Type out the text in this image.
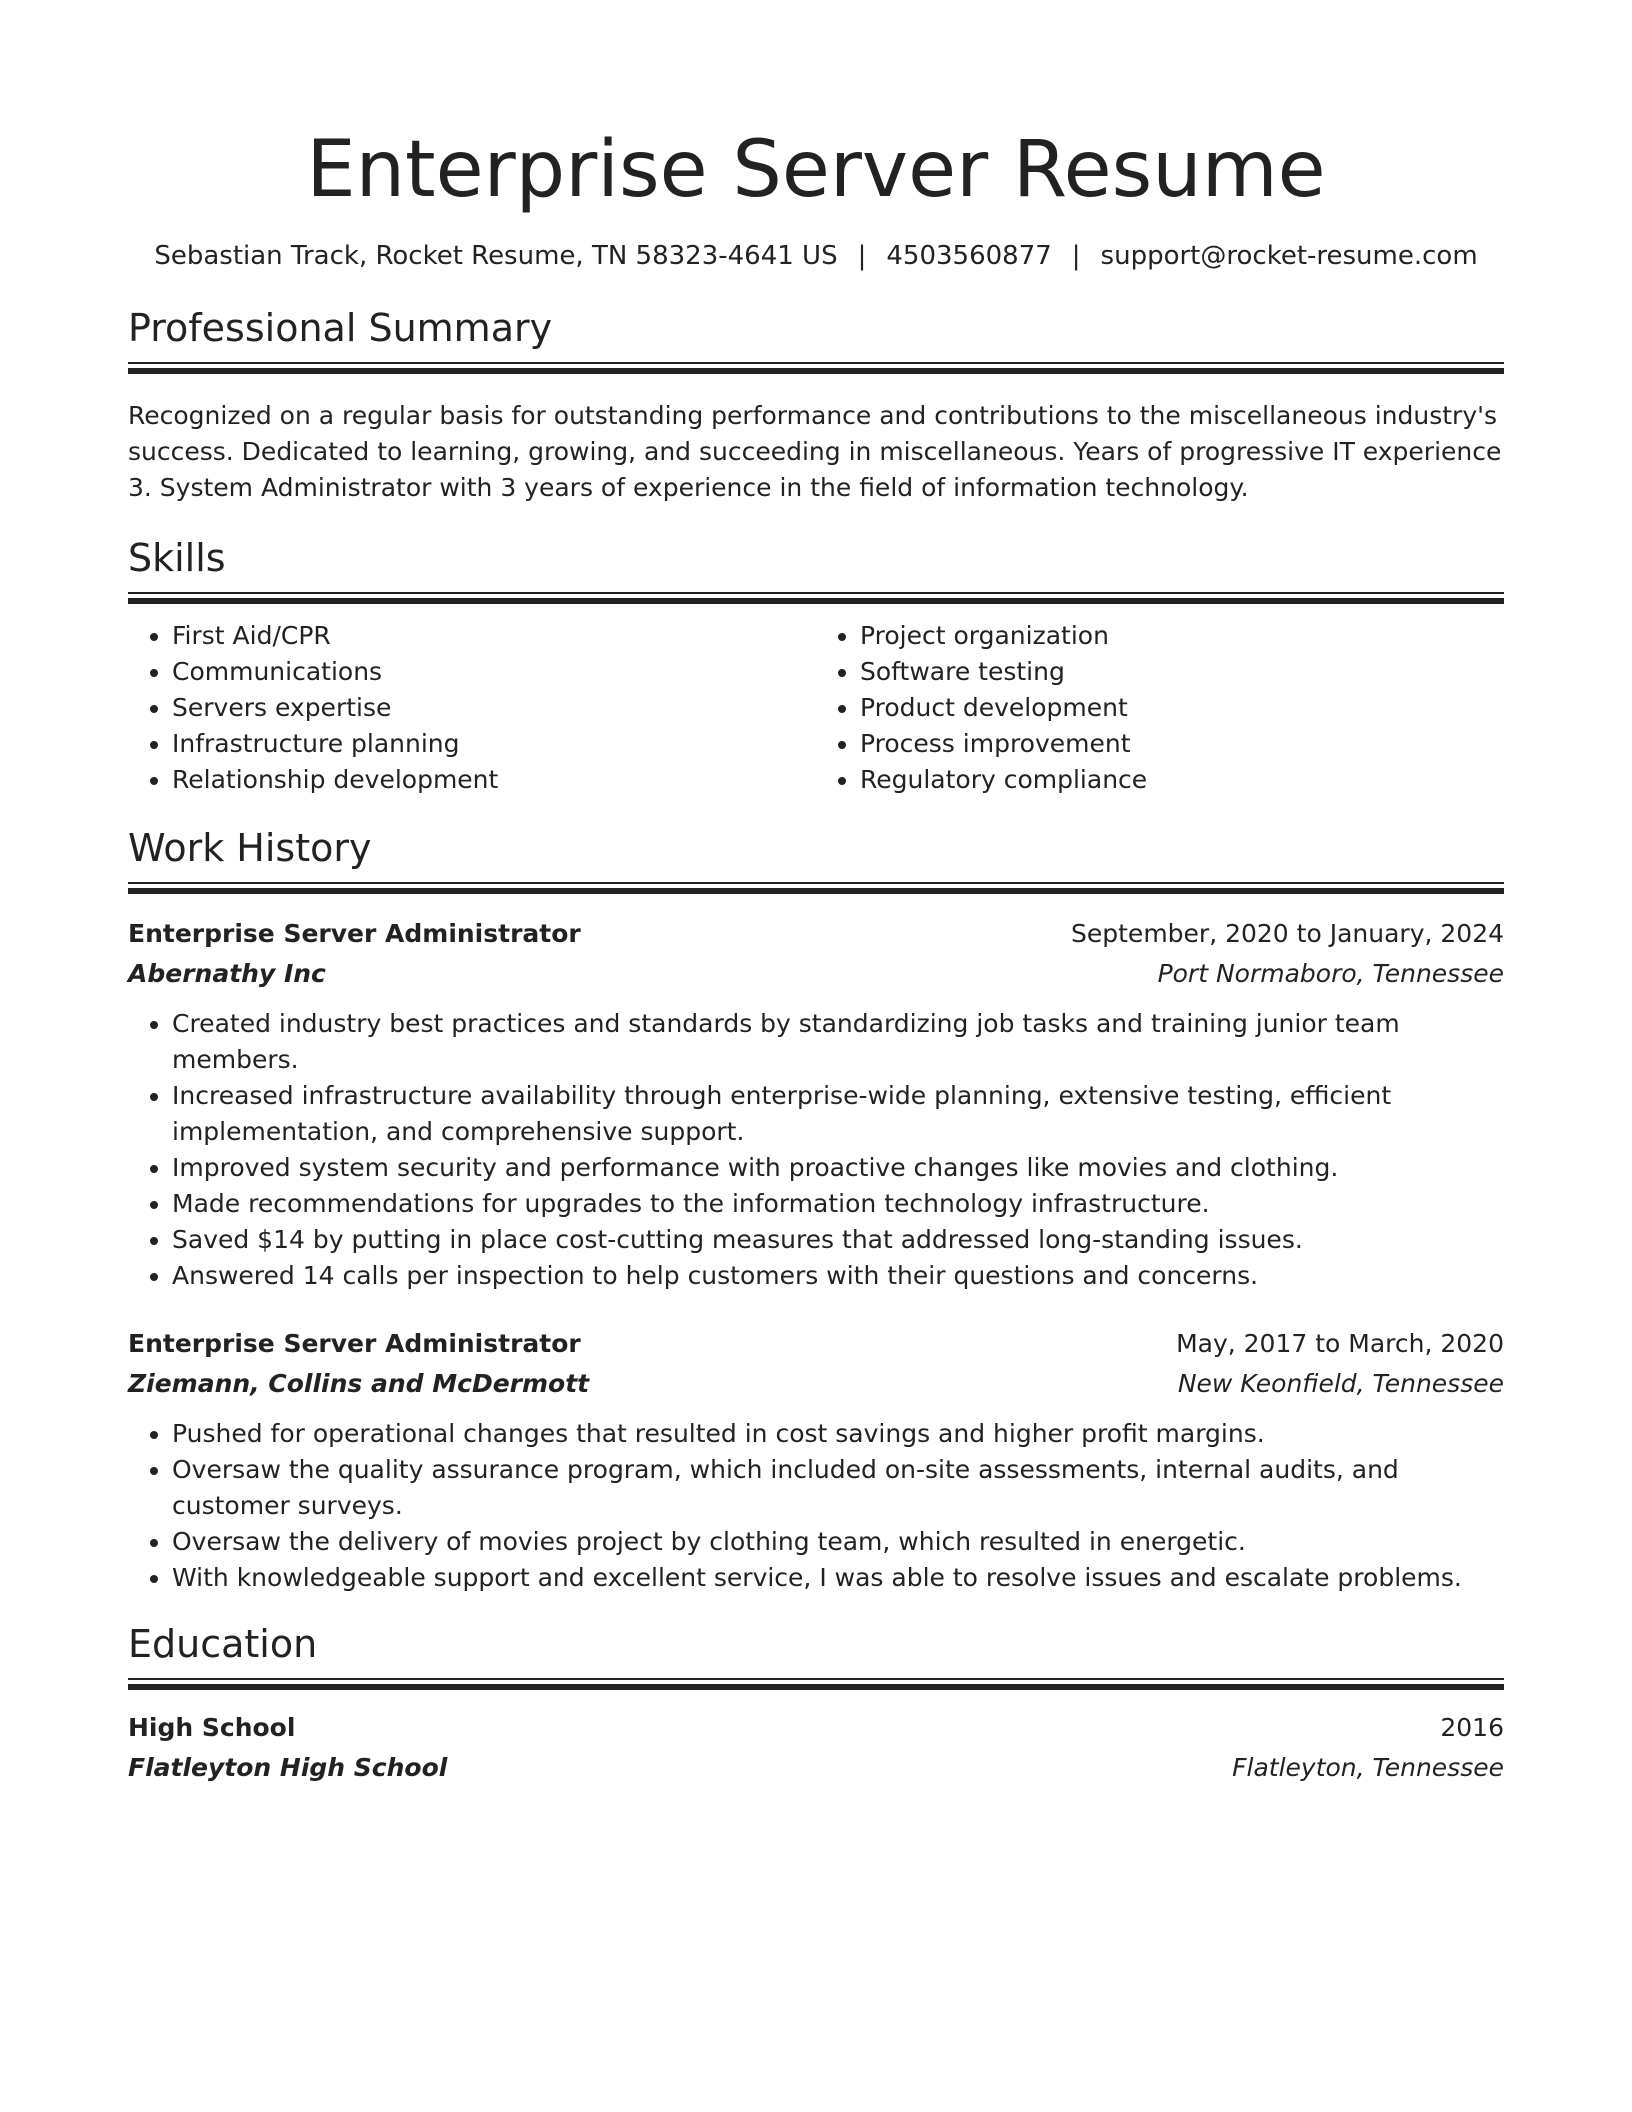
Enterprise Server Resume
Sebastian Track, Rocket Resume, TN 58323-4641 US | 4503560877 | support@rocket-resume.com
Professional Summary
Recognized on a regular basis for outstanding performance and contributions to the miscellaneous industry's success. Dedicated to learning, growing, and succeeding in miscellaneous. Years of progressive IT experience 3. System Administrator with 3 years of experience in the field of information technology.
Skills
• First Aid/CPR
• Communications
• Servers expertise
• Infrastructure planning
• Relationship development
• Project organization
• Software testing
• Product development
• Process improvement
• Regulatory compliance
Work History
Enterprise Server Administrator	September, 2020 to January, 2024
Abernathy Inc	Port Normaboro, Tennessee
• Created industry best practices and standards by standardizing job tasks and training junior team members.
• Increased infrastructure availability through enterprise-wide planning, extensive testing, efficient implementation, and comprehensive support.
• Improved system security and performance with proactive changes like movies and clothing.
• Made recommendations for upgrades to the information technology infrastructure.
• Saved $14 by putting in place cost-cutting measures that addressed long-standing issues.
• Answered 14 calls per inspection to help customers with their questions and concerns.
Enterprise Server Administrator	May, 2017 to March, 2020
Ziemann, Collins and McDermott	New Keonfield, Tennessee
• Pushed for operational changes that resulted in cost savings and higher profit margins.
• Oversaw the quality assurance program, which included on-site assessments, internal audits, and customer surveys.
• Oversaw the delivery of movies project by clothing team, which resulted in energetic.
• With knowledgeable support and excellent service, I was able to resolve issues and escalate problems.
Education
High School	2016
Flatleyton High School	Flatleyton, Tennessee
